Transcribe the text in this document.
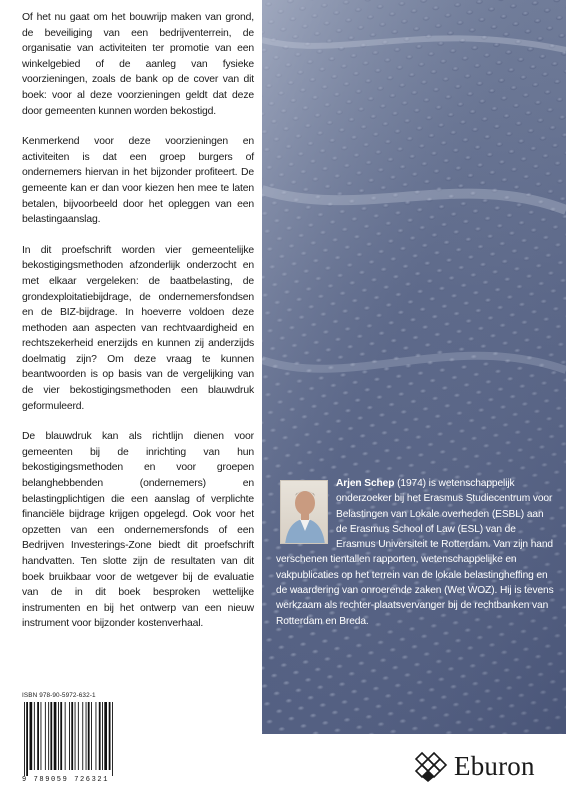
Of het nu gaat om het bouwrijp maken van grond, de beveiliging van een bedrijventerrein, de organisatie van activiteiten ter promotie van een winkelgebied of de aanleg van fysieke voorzieningen, zoals de bank op de cover van dit boek: voor al deze voorzieningen geldt dat deze door gemeenten kunnen worden bekostigd.

Kenmerkend voor deze voorzieningen en activiteiten is dat een groep burgers of ondernemers hiervan in het bijzonder profiteert. De gemeente kan er dan voor kiezen hen mee te laten betalen, bijvoorbeeld door het opleggen van een belastingaanslag.

In dit proefschrift worden vier gemeentelijke bekostigingsmethoden afzonderlijk onderzocht en met elkaar vergeleken: de baatbelasting, de grondexploitatiebijdrage, de ondernemersfondsen en de BIZ-bijdrage. In hoeverre voldoen deze methoden aan aspecten van rechtvaardigheid en rechtszekerheid enerzijds en kunnen zij anderzijds doelmatig zijn? Om deze vraag te kunnen beantwoorden is op basis van de vergelijking van de vier bekostigingsmethoden een blauwdruk geformuleerd.

De blauwdruk kan als richtlijn dienen voor gemeenten bij de inrichting van hun bekostigingsmethoden en voor groepen belanghebbenden (ondernemers) en belastingplichtigen die een aanslag of verplichte financiële bijdrage krijgen opgelegd. Ook voor het opzetten van een ondernemersfonds of een Bedrijven Investerings-Zone biedt dit proefschrift handvatten. Ten slotte zijn de resultaten van dit boek bruikbaar voor de wetgever bij de evaluatie van de in dit boek besproken wettelijke instrumenten en bij het ontwerp van een nieuw instrument voor bijzonder kostenverhaal.

Arjen Schep (1974) is wetenschappelijk onderzoeker bij het Erasmus Studiecentrum voor Belastingen van Lokale overheden (ESBL) aan de Erasmus School of Law (ESL) van de Erasmus Universiteit te Rotterdam. Van zijn hand verschenen tientallen rapporten, wetenschappelijke en vakpublicaties op het terrein van de lokale belastingheffing en de waardering van onroerende zaken (Wet WOZ). Hij is tevens werkzaam als rechter-plaatsvervanger bij de rechtbanken van Rotterdam en Breda.
ISBN 978-90-5972-632-1
9 789059 726321	Eburon
